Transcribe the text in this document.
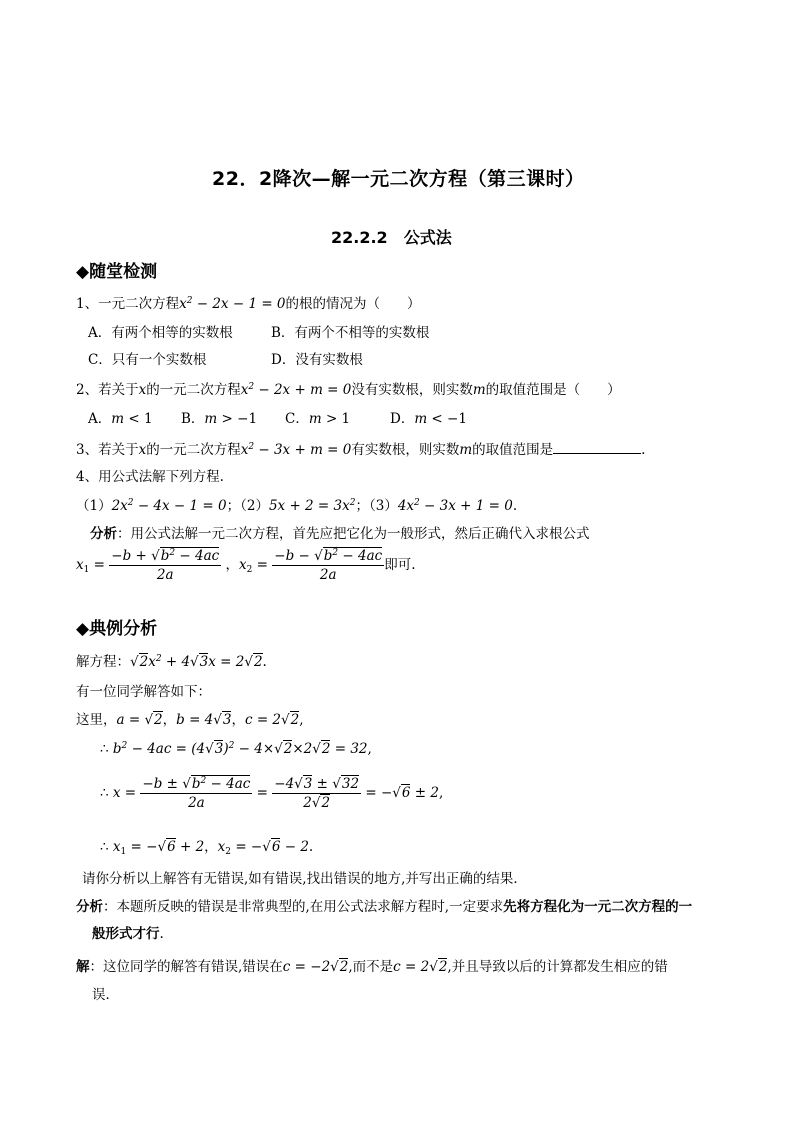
22．2降次—解一元二次方程（第三课时）
22.2.2　公式法
◆随堂检测
1、一元二次方程$x^2 - 2x - 1 = 0$的根的情况为（　　）
A．有两个相等的实数根	B．有两个不相等的实数根
C．只有一个实数根	D．没有实数根
2、若关于x的一元二次方程$x^2 - 2x + m = 0$没有实数根，则实数m的取值范围是（　　）
A．m < 1 B．m > −1 C．m > 1	D．m < −1
3、若关于x的一元二次方程$x^2 - 3x + m = 0$有实数根，则实数m的取值范围是	.
4、用公式法解下列方程.
$(1)2x^2 - 4x - 1 = 0$；$(2)5x + 2 = 3x^2$；$(3)4x^2 - 3x + 1 = 0$.
分析：用公式法解一元二次方程，首先应把它化为一般形式，然后正确代入求根公式
$x_1 = \frac{-b + √b^2 - 4ac}{2a}$ ，$x_2 = \frac{-b - √b^2 - 4ac}{2a}$ 即可.
◆典例分析
解方程：$√2x^2 + 4√3x = 2√2$.
有一位同学解答如下：
这里，a = √2，b = 4√3，c = 2√2,
∴ $b^2 - 4ac = (4√3)^2 - 4\times√2\times 2√2 = 32$,
∴ $x = \frac{-b \pm √b^2 - 4ac}{2a} = \frac{-4√3 \pm √32}{2√2} = -√6 \pm 2$,
∴ $x_1 = -√6 + 2$，$x_2 = -√6 - 2$.
请你分析以上解答有无错误,如有错误,找出错误的地方,并写出正确的结果．
分析：本题所反映的错误是非常典型的,在用公式法求解方程时,一定要求先将方程化为一元二次方程的一
般形式才行.
解：这位同学的解答有错误,错误在c = −2√2,而不是c = 2√2,并且导致以后的计算都发生相应的错
误．
